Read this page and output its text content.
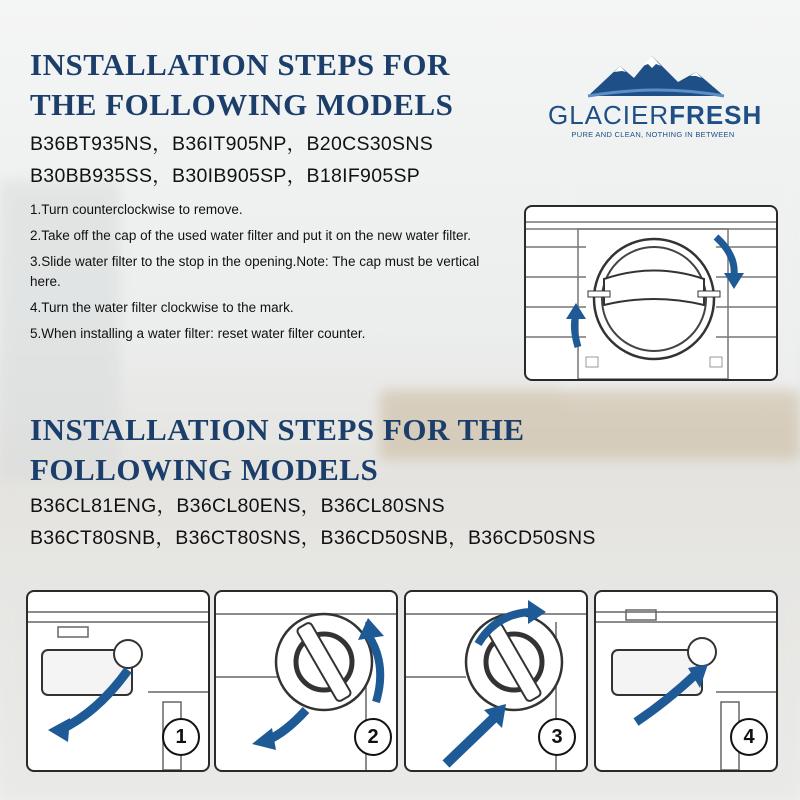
INSTALLATION STEPS FOR
THE FOLLOWING MODELS
B36BT935NS，B36IT905NP，B20CS30SNS
B30BB935SS，B30IB905SP，B18IF905SP
GLACIERFRESH
PURE AND CLEAN, NOTHING IN BETWEEN
1.Turn counterclockwise to remove.
2.Take off the cap of the used water filter and put it on the new water filter.
3.Slide water filter to the stop in the opening.Note: The cap must be vertical here.
4.Turn the water filter clockwise to the mark.
5.When installing a water filter: reset water filter counter.
INSTALLATION STEPS FOR THE
FOLLOWING MODELS
B36CL81ENG，B36CL80ENS，B36CL80SNS
B36CT80SNB，B36CT80SNS，B36CD50SNB，B36CD50SNS
1	2	3	4
